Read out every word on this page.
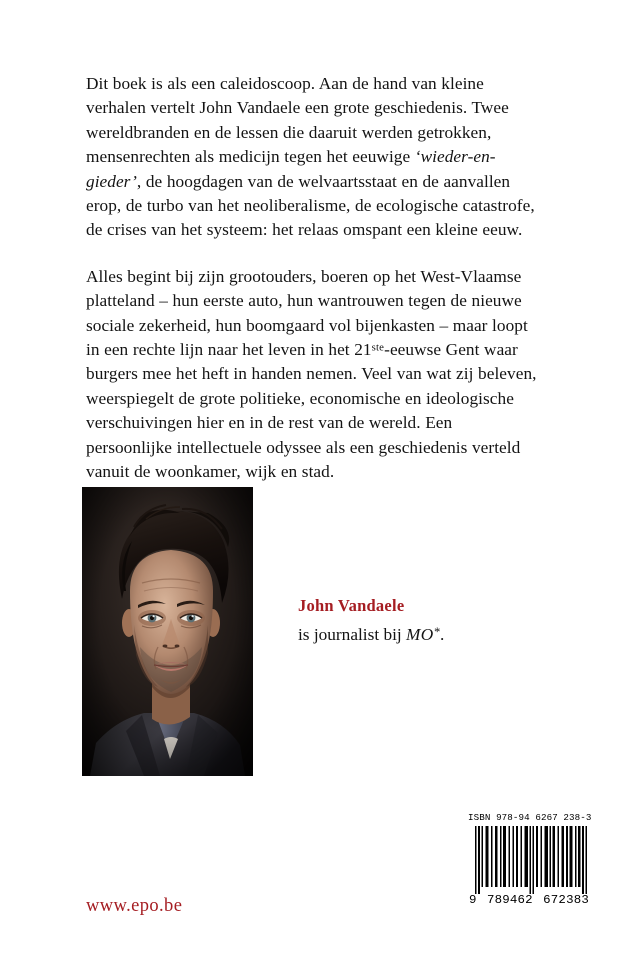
Dit boek is als een caleidoscoop. Aan de hand van kleine verhalen vertelt John Vandaele een grote geschiedenis. Twee wereldbranden en de lessen die daaruit werden getrokken, mensenrechten als medicijn tegen het eeuwige ‘wieder-en-gieder’, de hoogdagen van de welvaartsstaat en de aanvallen erop, de turbo van het neoliberalisme, de ecologische catastrofe, de crises van het systeem: het relaas omspant een kleine eeuw.

Alles begint bij zijn grootouders, boeren op het West-Vlaamse platteland – hun eerste auto, hun wantrouwen tegen de nieuwe sociale zekerheid, hun boomgaard vol bijenkasten – maar loopt in een rechte lijn naar het leven in het 21ste-eeuwse Gent waar burgers mee het heft in handen nemen. Veel van wat zij beleven, weerspiegelt de grote politieke, economische en ideologische verschuivingen hier en in de rest van de wereld. Een persoonlijke intellectuele odyssee als een geschiedenis verteld vanuit de woonkamer, wijk en stad.

John Vandaele
is journalist bij MO*.
www.epo.be
ISBN 978-94 6267 238-3
9 789462 672383
